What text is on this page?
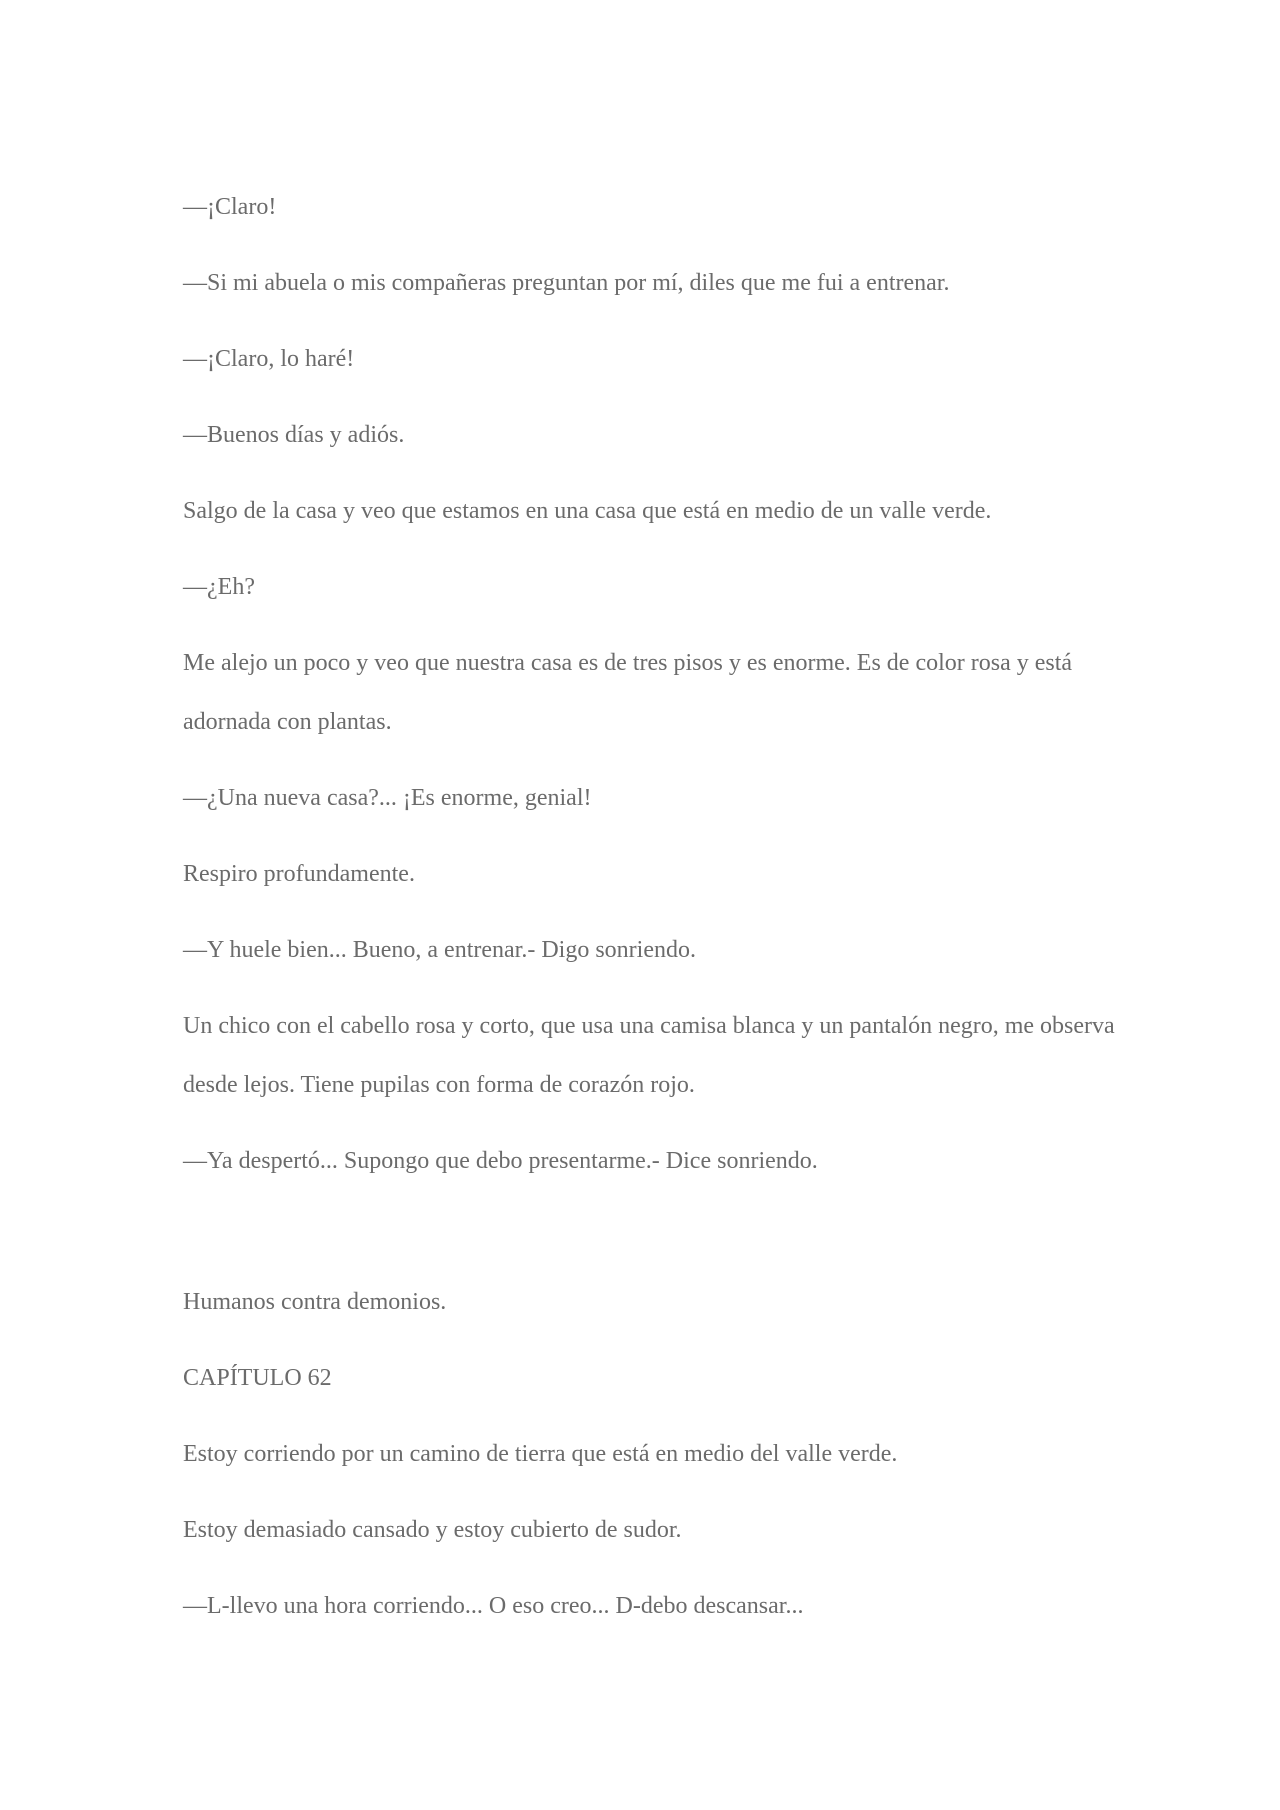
—¡Claro!

—Si mi abuela o mis compañeras preguntan por mí, diles que me fui a entrenar.

—¡Claro, lo haré!

—Buenos días y adiós.

Salgo de la casa y veo que estamos en una casa que está en medio de un valle verde.

—¿Eh?

Me alejo un poco y veo que nuestra casa es de tres pisos y es enorme. Es de color rosa y está adornada con plantas.

—¿Una nueva casa?... ¡Es enorme, genial!

Respiro profundamente.

—Y huele bien... Bueno, a entrenar.- Digo sonriendo.

Un chico con el cabello rosa y corto, que usa una camisa blanca y un pantalón negro, me observa desde lejos. Tiene pupilas con forma de corazón rojo.

—Ya despertó... Supongo que debo presentarme.- Dice sonriendo.

Humanos contra demonios.

CAPÍTULO 62

Estoy corriendo por un camino de tierra que está en medio del valle verde.

Estoy demasiado cansado y estoy cubierto de sudor.

—L-llevo una hora corriendo... O eso creo... D-debo descansar...
